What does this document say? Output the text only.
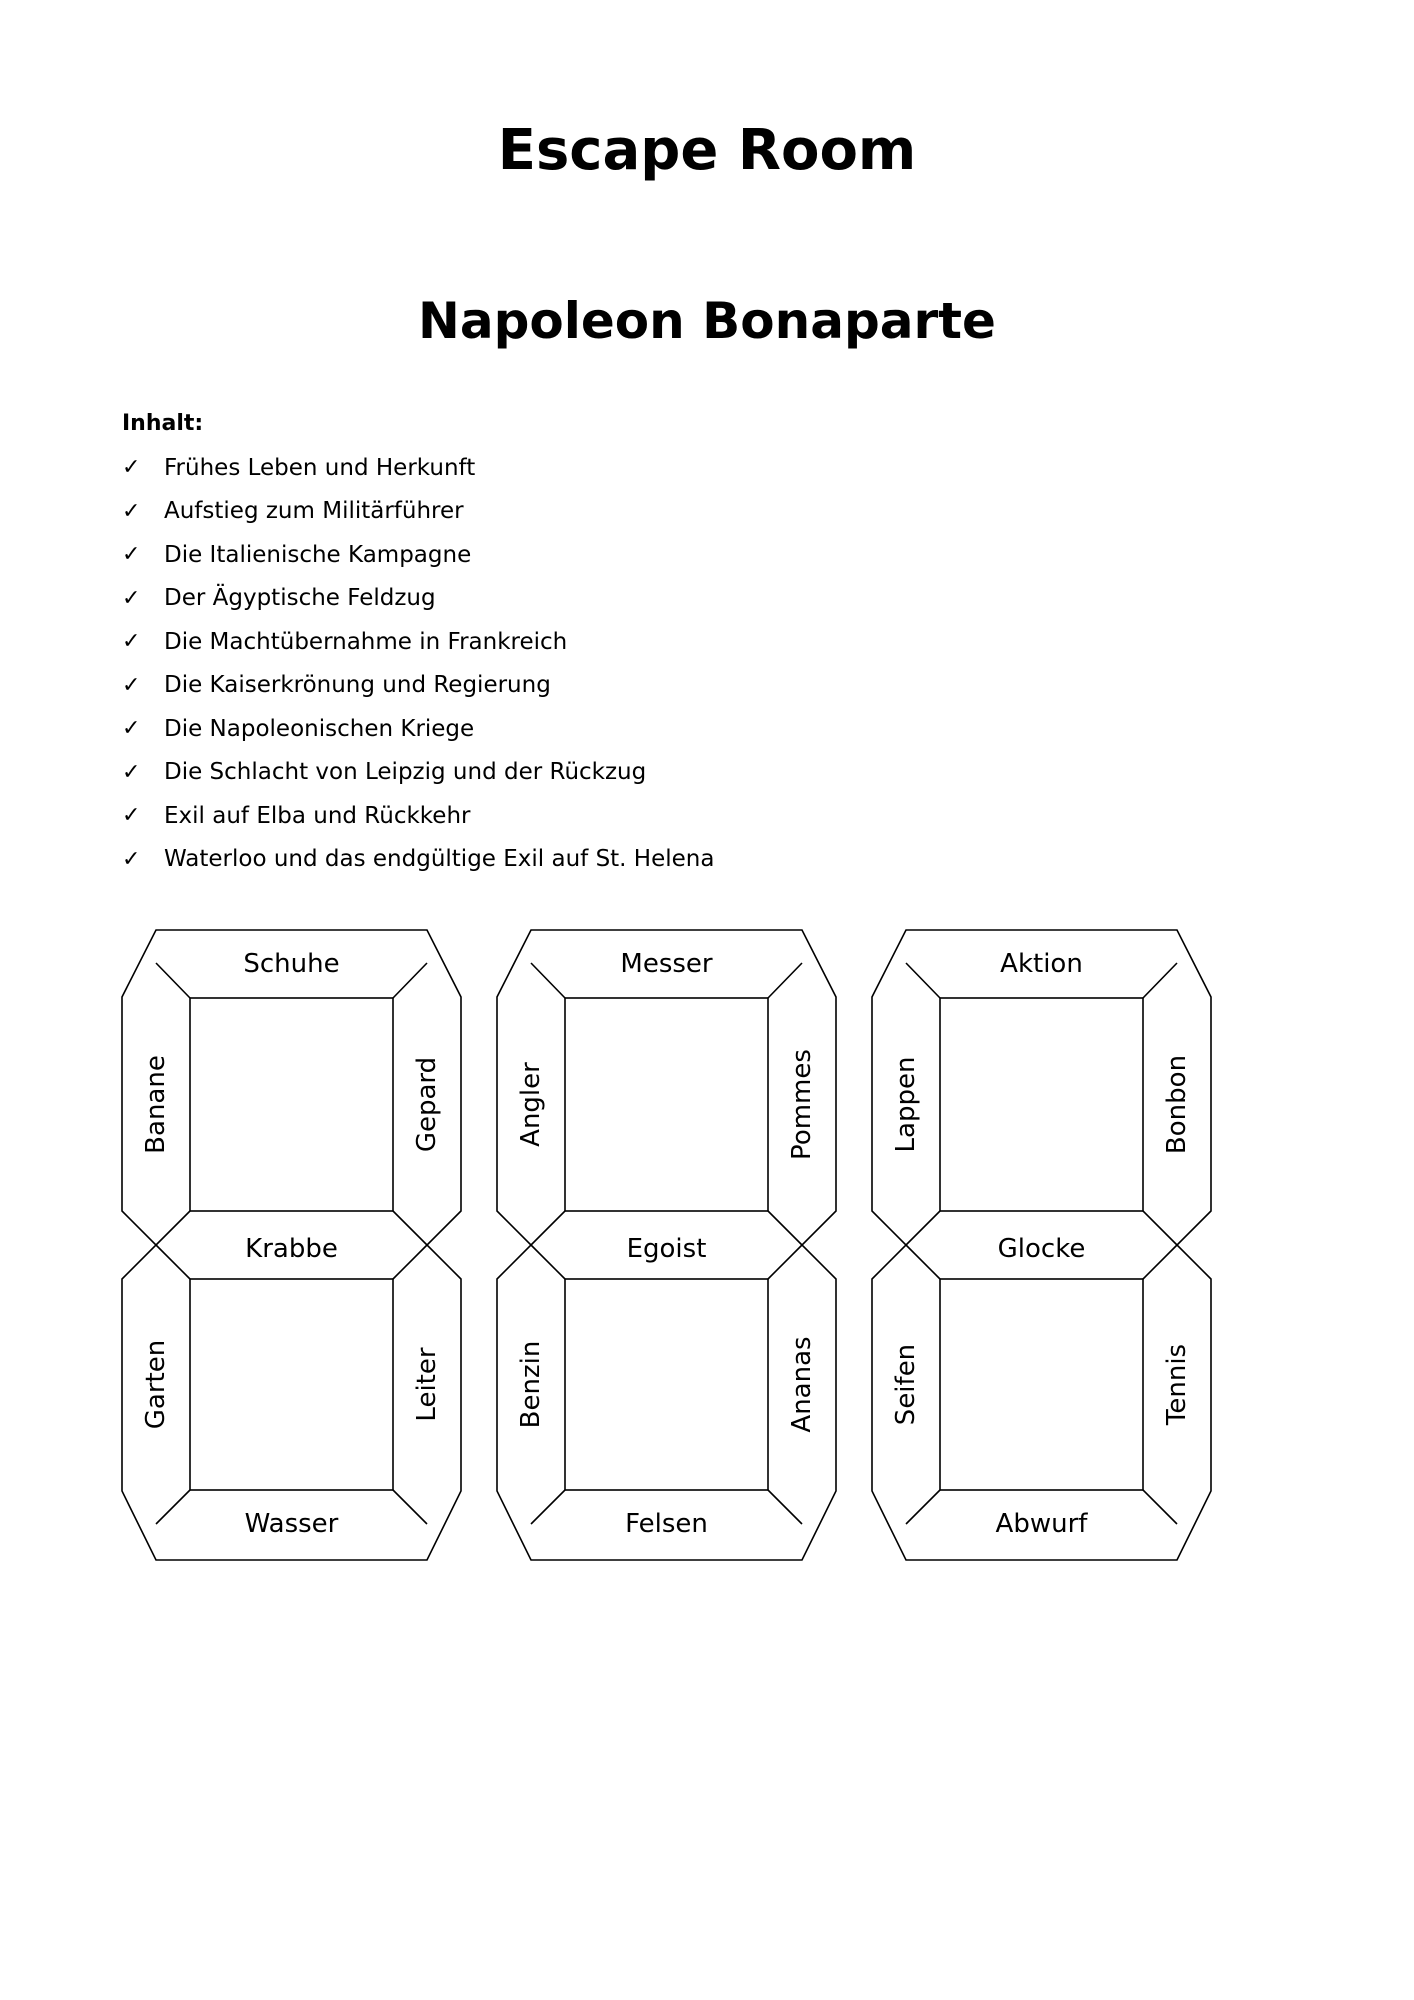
Escape Room
Napoleon Bonaparte
Inhalt:
✓	Frühes Leben und Herkunft
✓	Aufstieg zum Militärführer
✓	Die Italienische Kampagne
✓	Der Ägyptische Feldzug
✓	Die Machtübernahme in Frankreich
✓	Die Kaiserkrönung und Regierung
✓	Die Napoleonischen Kriege
✓	Die Schlacht von Leipzig und der Rückzug
✓	Exil auf Elba und Rückkehr
✓	Waterloo und das endgültige Exil auf St. Helena
Schuhe
Krabbe
Wasser
Banane	Gepard
Garten	Leiter
Messer
Egoist
Felsen
Angler	Pommes
Benzin	Ananas
Aktion
Glocke
Abwurf
Lappen	Bonbon
Seifen	Tennis
